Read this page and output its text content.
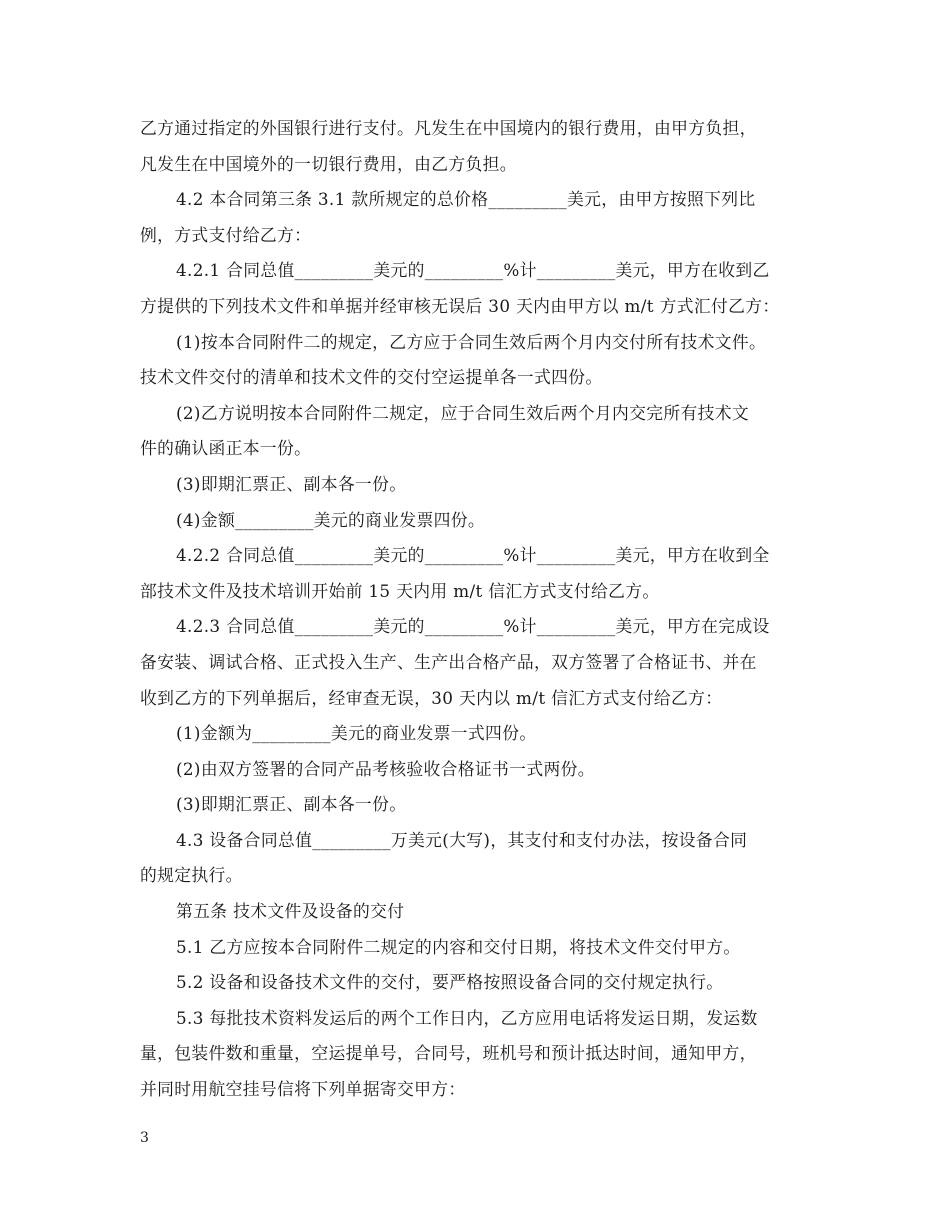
乙方通过指定的外国银行进行支付。凡发生在中国境内的银行费用，由甲方负担，
凡发生在中国境外的一切银行费用，由乙方负担。
4.2 本合同第三条 3.1 款所规定的总价格_________美元，由甲方按照下列比
例，方式支付给乙方：
4.2.1 合同总值_________美元的_________%计_________美元，甲方在收到乙
方提供的下列技术文件和单据并经审核无误后 30 天内由甲方以 m/t 方式汇付乙方：
(1)按本合同附件二的规定，乙方应于合同生效后两个月内交付所有技术文件。
技术文件交付的清单和技术文件的交付空运提单各一式四份。
(2)乙方说明按本合同附件二规定，应于合同生效后两个月内交完所有技术文
件的确认函正本一份。
(3)即期汇票正、副本各一份。
(4)金额_________美元的商业发票四份。
4.2.2 合同总值_________美元的_________%计_________美元，甲方在收到全
部技术文件及技术培训开始前 15 天内用 m/t 信汇方式支付给乙方。
4.2.3 合同总值_________美元的_________%计_________美元，甲方在完成设
备安装、调试合格、正式投入生产、生产出合格产品，双方签署了合格证书、并在
收到乙方的下列单据后，经审查无误，30 天内以 m/t 信汇方式支付给乙方：
(1)金额为_________美元的商业发票一式四份。
(2)由双方签署的合同产品考核验收合格证书一式两份。
(3)即期汇票正、副本各一份。
4.3 设备合同总值_________万美元(大写)，其支付和支付办法，按设备合同
的规定执行。
第五条 技术文件及设备的交付
5.1 乙方应按本合同附件二规定的内容和交付日期，将技术文件交付甲方。
5.2 设备和设备技术文件的交付，要严格按照设备合同的交付规定执行。
5.3 每批技术资料发运后的两个工作日内，乙方应用电话将发运日期，发运数
量，包装件数和重量，空运提单号，合同号，班机号和预计抵达时间，通知甲方，
并同时用航空挂号信将下列单据寄交甲方：
3
